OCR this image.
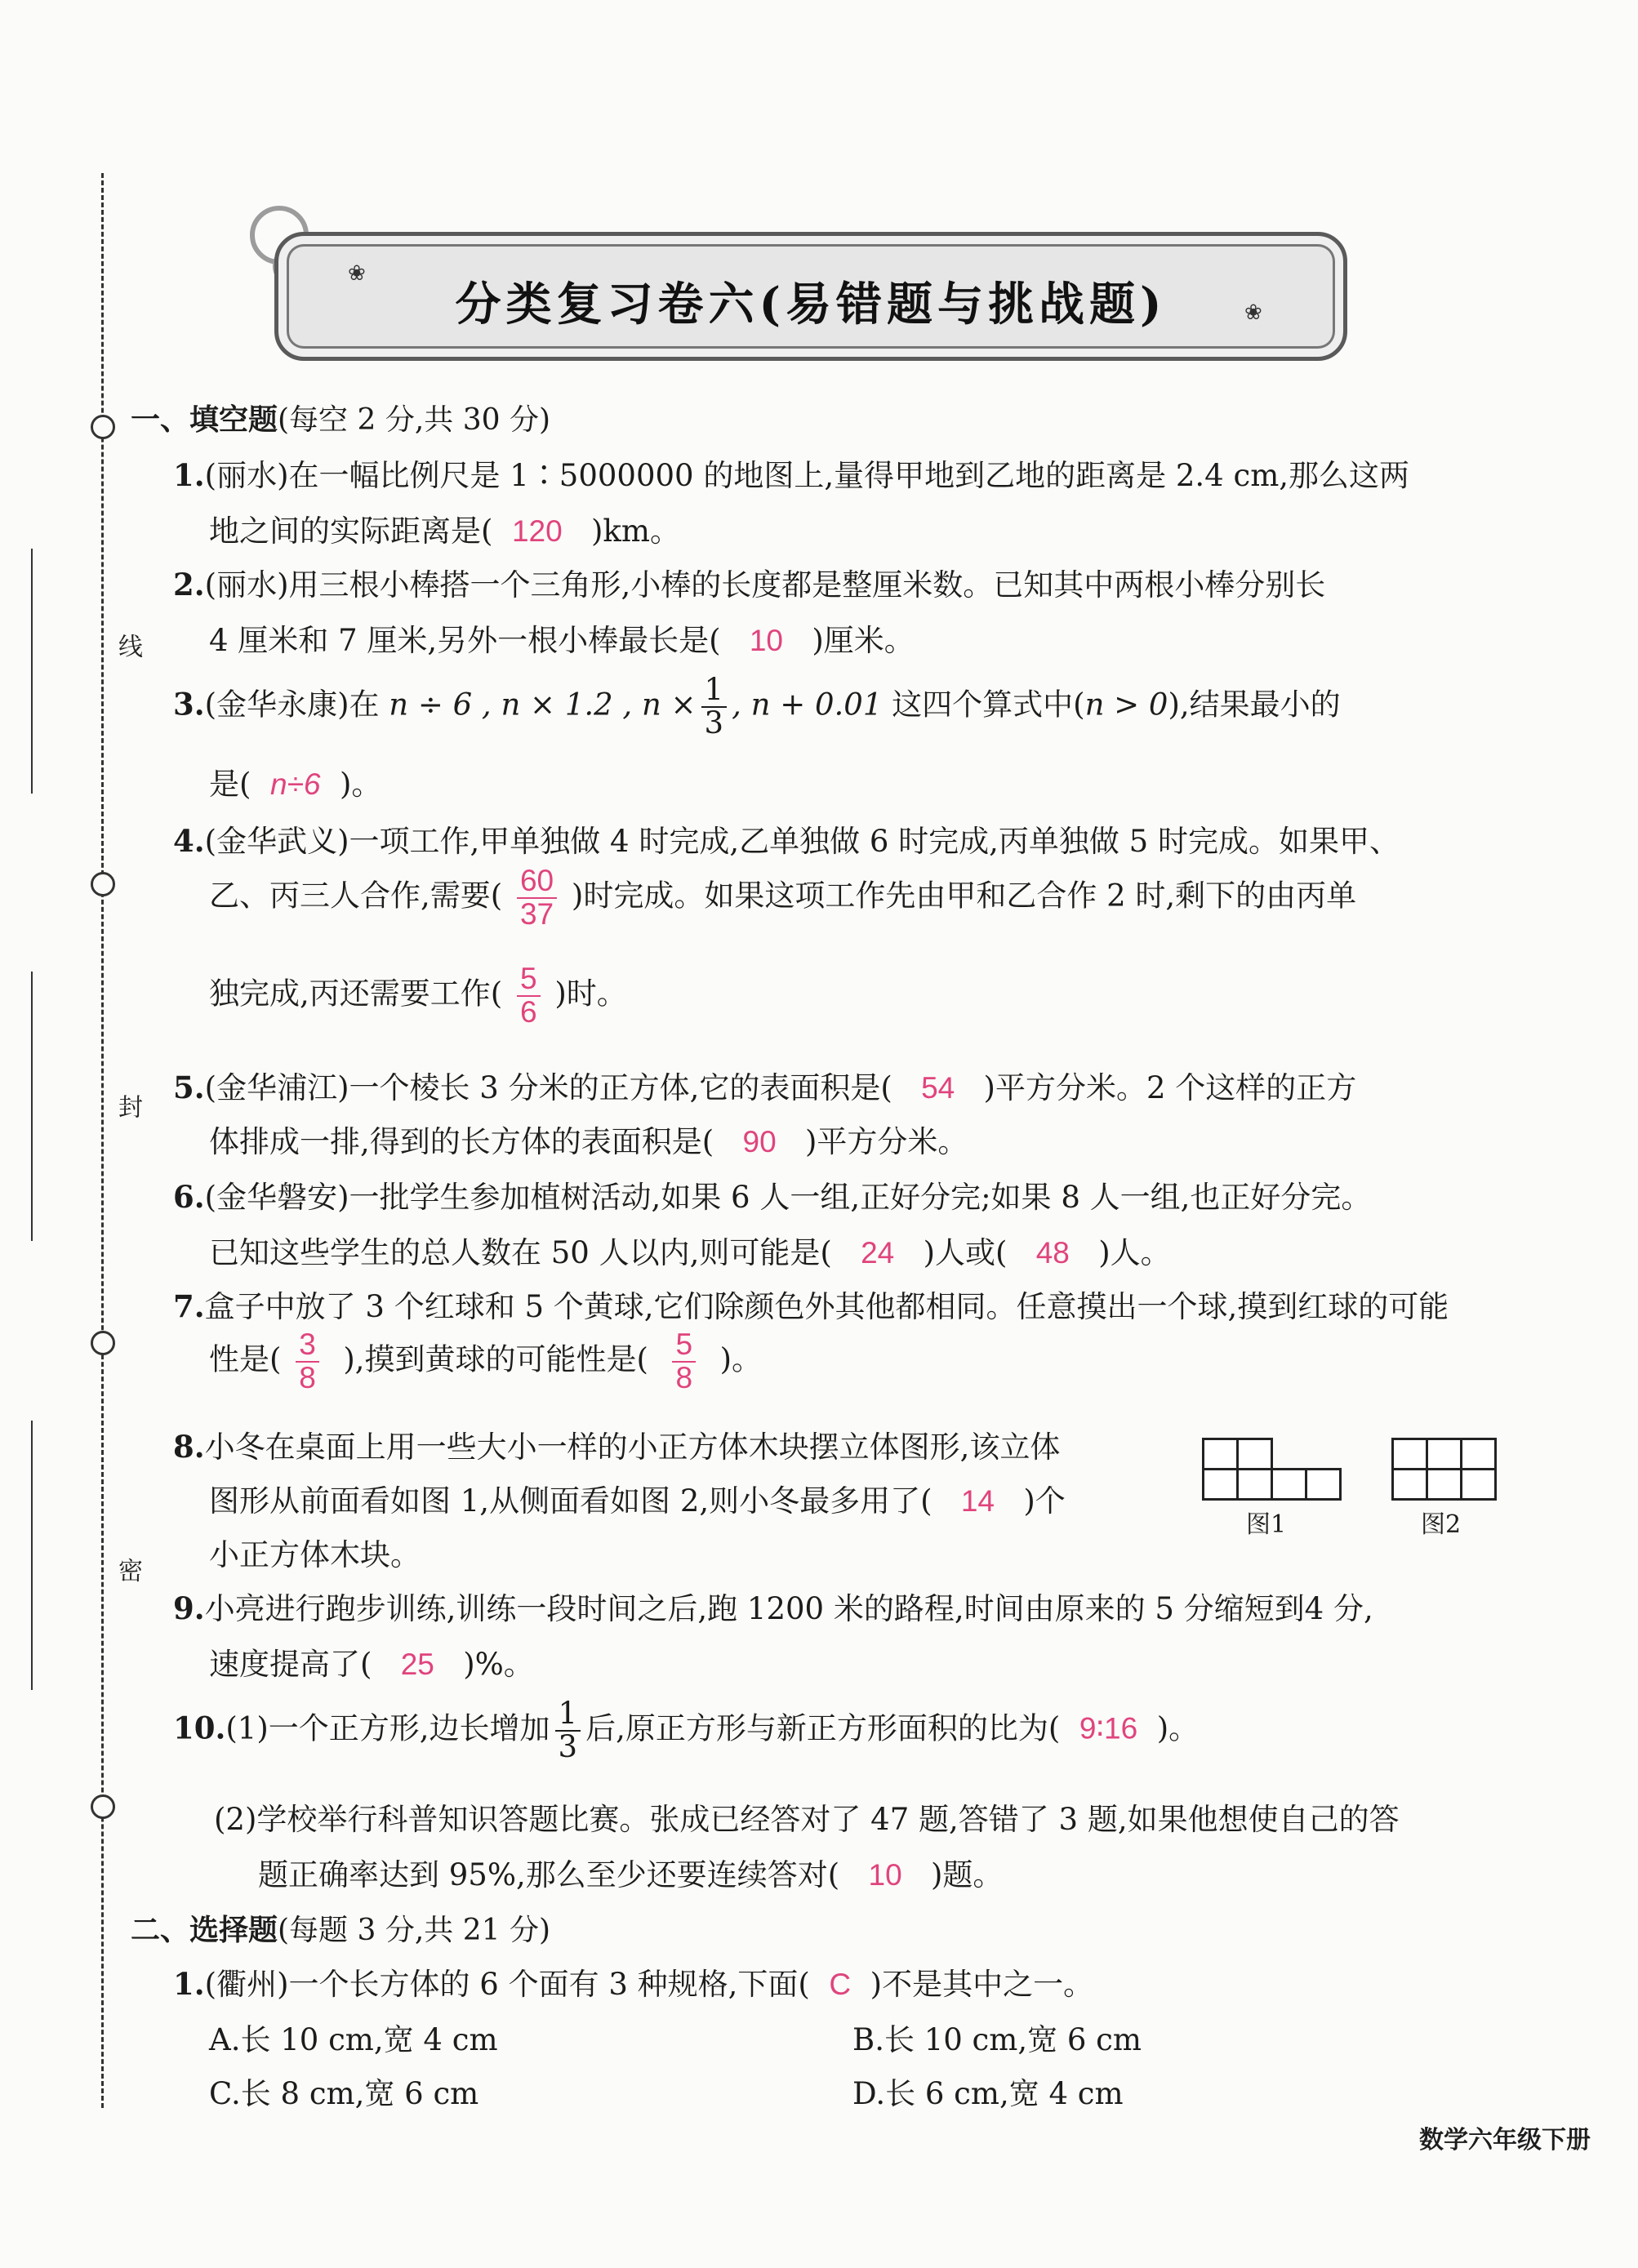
线
封
密
分类复习卷六(易错题与挑战题)
❀
❀
一、填空题(每空 2 分,共 30 分)
1.(丽水)在一幅比例尺是 1∶5000000 的地图上,量得甲地到乙地的距离是 2.4 cm,那么这两
地之间的实际距离是( 120 )km。
2.(丽水)用三根小棒搭一个三角形,小棒的长度都是整厘米数。已知其中两根小棒分别长
4 厘米和 7 厘米,另外一根小棒最长是( 10 )厘米。
3.(金华永康)在 n ÷ 6 , n × 1.2 , $n \times \frac{1}{3}$ , n + 0.01 这四个算式中(n > 0),结果最小的
是( n÷6 )。
4.(金华武义)一项工作,甲单独做 4 时完成,乙单独做 6 时完成,丙单独做 5 时完成。如果甲、
乙、丙三人合作,需要( $\frac{60}{37}$ )时完成。如果这项工作先由甲和乙合作 2 时,剩下的由丙单
独完成,丙还需要工作( $\frac{5}{6}$ )时。
5.(金华浦江)一个棱长 3 分米的正方体,它的表面积是( 54 )平方分米。2 个这样的正方
体排成一排,得到的长方体的表面积是( 90 )平方分米。
6.(金华磐安)一批学生参加植树活动,如果 6 人一组,正好分完;如果 8 人一组,也正好分完。
已知这些学生的总人数在 50 人以内,则可能是( 24 )人或( 48 )人。
7.盒子中放了 3 个红球和 5 个黄球,它们除颜色外其他都相同。任意摸出一个球,摸到红球的可能
性是( $\frac{3}{8}$ ),摸到黄球的可能性是( $\frac{5}{8}$ )。
8.小冬在桌面上用一些大小一样的小正方体木块摆立体图形,该立体
图形从前面看如图 1,从侧面看如图 2,则小冬最多用了( 14 )个
小正方体木块。
图1	图2
9.小亮进行跑步训练,训练一段时间之后,跑 1200 米的路程,时间由原来的 5 分缩短到4 分,
速度提高了( 25 )%。
10.(1)一个正方形,边长增加 $\frac{1}{3}$ 后,原正方形与新正方形面积的比为( 9∶16 )。
(2)学校举行科普知识答题比赛。张成已经答对了 47 题,答错了 3 题,如果他想使自己的答
题正确率达到 95%,那么至少还要连续答对( 10 )题。
二、选择题(每题 3 分,共 21 分)
1.(衢州)一个长方体的 6 个面有 3 种规格,下面( C )不是其中之一。
A.长 10 cm,宽 4 cm	B.长 10 cm,宽 6 cm
C.长 8 cm,宽 6 cm	D.长 6 cm,宽 4 cm
数学六年级下册
